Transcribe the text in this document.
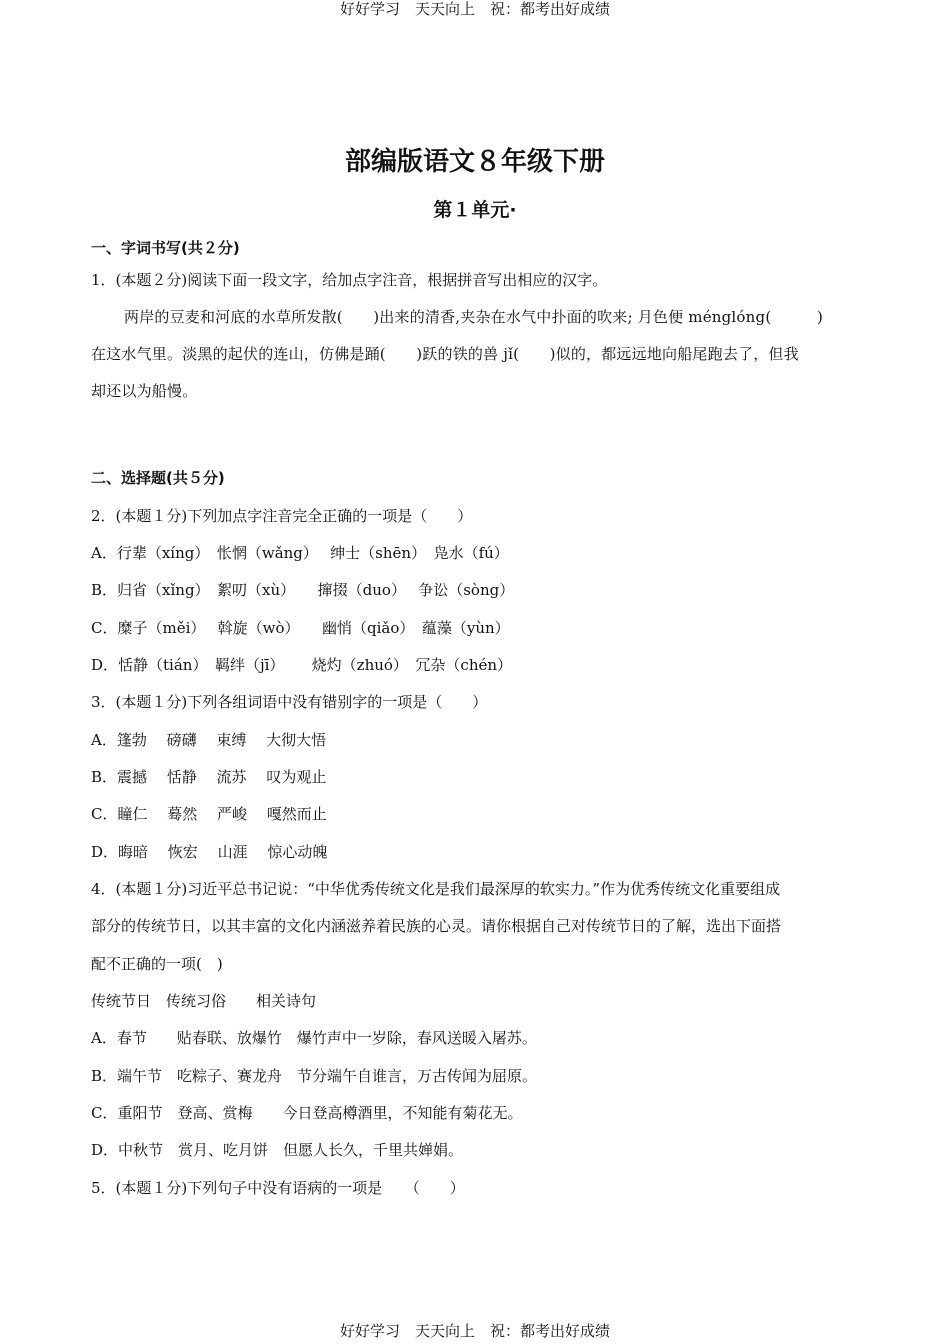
好好学习　天天向上　祝：都考出好成绩
部编版语文８年级下册
第１单元·
一、字词书写(共２分)
1．(本题２分)阅读下面一段文字，给加点字注音，根据拼音写出相应的汉字。
两岸的豆麦和河底的水草所发散(　　)出来的清香,夹杂在水气中扑面的吹来; 月色便 ménglóng(　　　)
在这水气里。淡黑的起伏的连山，仿佛是踊(　　)跃的铁的兽 jǐ(　　)似的，都远远地向船尾跑去了，但我
却还以为船慢。
二、选择题(共５分)
2．(本题１分)下列加点字注音完全正确的一项是（　　）
A．行辈（xíng）　怅惘（wǎng）　 绅士（shēn）　凫水（fú）
B．归省（xǐng）　絮叨（xù）　　撺掇（duo）　 争讼（sòng）
C．糜子（měi）　 斡旋（wò）　　幽悄（qiǎo）　蕴藻（yùn）
D．恬静（tián）　羁绊（jī）　　 烧灼（zhuó）　冗杂（chén）
3．(本题１分)下列各组词语中没有错别字的一项是（　　）
A．篷勃　 磅礴　 束缚　 大彻大悟
B．震撼　 恬静　 流苏　 叹为观止
C．瞳仁　 蓦然　 严峻　 嘎然而止
D．晦暗　 恢宏　 山涯　 惊心动魄
4．(本题１分)习近平总书记说：“中华优秀传统文化是我们最深厚的软实力。”作为优秀传统文化重要组成
部分的传统节日，以其丰富的文化内涵滋养着民族的心灵。请你根据自己对传统节日的了解，选出下面搭
配不正确的一项(　)
传统节日　传统习俗　　相关诗句
A．春节　　贴春联、放爆竹　爆竹声中一岁除，春风送暖入屠苏。
B．端午节　吃粽子、赛龙舟　节分端午自谁言，万古传闻为屈原。
C．重阳节　登高、赏梅　　今日登高樽酒里，不知能有菊花无。
D．中秋节　赏月、吃月饼　但愿人长久，千里共婵娟。
5．(本题１分)下列句子中没有语病的一项是　　（　　）
好好学习　天天向上　祝：都考出好成绩
